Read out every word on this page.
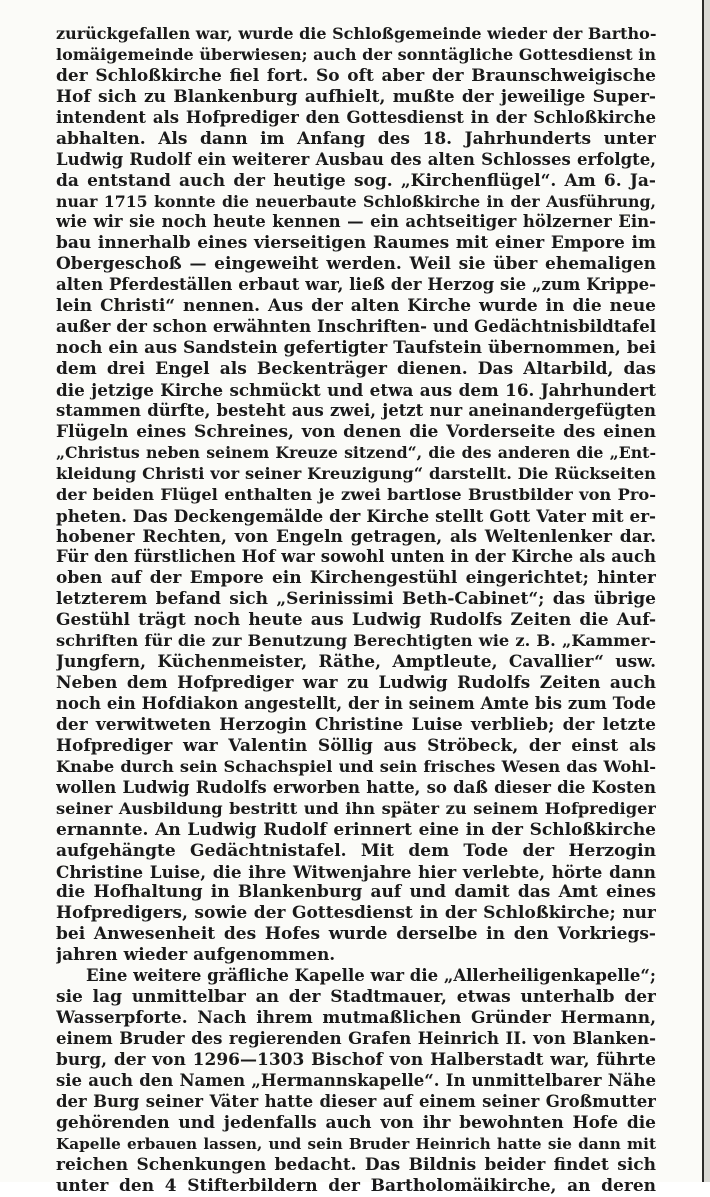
zurückgefallen war, wurde die Schloßgemeinde wieder der Bartho-
lomäigemeinde überwiesen; auch der sonntägliche Gottesdienst in
der Schloßkirche fiel fort. So oft aber der Braunschweigische
Hof sich zu Blankenburg aufhielt, mußte der jeweilige Super-
intendent als Hofprediger den Gottesdienst in der Schloßkirche
abhalten. Als dann im Anfang des 18. Jahrhunderts unter
Ludwig Rudolf ein weiterer Ausbau des alten Schlosses erfolgte,
da entstand auch der heutige sog. „Kirchenflügel“. Am 6. Ja-
nuar 1715 konnte die neuerbaute Schloßkirche in der Ausführung,
wie wir sie noch heute kennen — ein achtseitiger hölzerner Ein-
bau innerhalb eines vierseitigen Raumes mit einer Empore im
Obergeschoß — eingeweiht werden. Weil sie über ehemaligen
alten Pferdeställen erbaut war, ließ der Herzog sie „zum Krippe-
lein Christi“ nennen. Aus der alten Kirche wurde in die neue
außer der schon erwähnten Inschriften- und Gedächtnisbildtafel
noch ein aus Sandstein gefertigter Taufstein übernommen, bei
dem drei Engel als Beckenträger dienen. Das Altarbild, das
die jetzige Kirche schmückt und etwa aus dem 16. Jahrhundert
stammen dürfte, besteht aus zwei, jetzt nur aneinandergefügten
Flügeln eines Schreines, von denen die Vorderseite des einen
„Christus neben seinem Kreuze sitzend“, die des anderen die „Ent-
kleidung Christi vor seiner Kreuzigung“ darstellt. Die Rückseiten
der beiden Flügel enthalten je zwei bartlose Brustbilder von Pro-
pheten. Das Deckengemälde der Kirche stellt Gott Vater mit er-
hobener Rechten, von Engeln getragen, als Weltenlenker dar.
Für den fürstlichen Hof war sowohl unten in der Kirche als auch
oben auf der Empore ein Kirchengestühl eingerichtet; hinter
letzterem befand sich „Serinissimi Beth-Cabinet“; das übrige
Gestühl trägt noch heute aus Ludwig Rudolfs Zeiten die Auf-
schriften für die zur Benutzung Berechtigten wie z. B. „Kammer-
Jungfern, Küchenmeister, Räthe, Amptleute, Cavallier“ usw.
Neben dem Hofprediger war zu Ludwig Rudolfs Zeiten auch
noch ein Hofdiakon angestellt, der in seinem Amte bis zum Tode
der verwitweten Herzogin Christine Luise verblieb; der letzte
Hofprediger war Valentin Söllig aus Ströbeck, der einst als
Knabe durch sein Schachspiel und sein frisches Wesen das Wohl-
wollen Ludwig Rudolfs erworben hatte, so daß dieser die Kosten
seiner Ausbildung bestritt und ihn später zu seinem Hofprediger
ernannte. An Ludwig Rudolf erinnert eine in der Schloßkirche
aufgehängte Gedächtnistafel. Mit dem Tode der Herzogin
Christine Luise, die ihre Witwenjahre hier verlebte, hörte dann
die Hofhaltung in Blankenburg auf und damit das Amt eines
Hofpredigers, sowie der Gottesdienst in der Schloßkirche; nur
bei Anwesenheit des Hofes wurde derselbe in den Vorkriegs-
jahren wieder aufgenommen.
Eine weitere gräfliche Kapelle war die „Allerheiligenkapelle“;
sie lag unmittelbar an der Stadtmauer, etwas unterhalb der
Wasserpforte. Nach ihrem mutmaßlichen Gründer Hermann,
einem Bruder des regierenden Grafen Heinrich II. von Blanken-
burg, der von 1296—1303 Bischof von Halberstadt war, führte
sie auch den Namen „Hermannskapelle“. In unmittelbarer Nähe
der Burg seiner Väter hatte dieser auf einem seiner Großmutter
gehörenden und jedenfalls auch von ihr bewohnten Hofe die
Kapelle erbauen lassen, und sein Bruder Heinrich hatte sie dann mit
reichen Schenkungen bedacht. Das Bildnis beider findet sich
unter den 4 Stifterbildern der Bartholomäikirche, an deren
